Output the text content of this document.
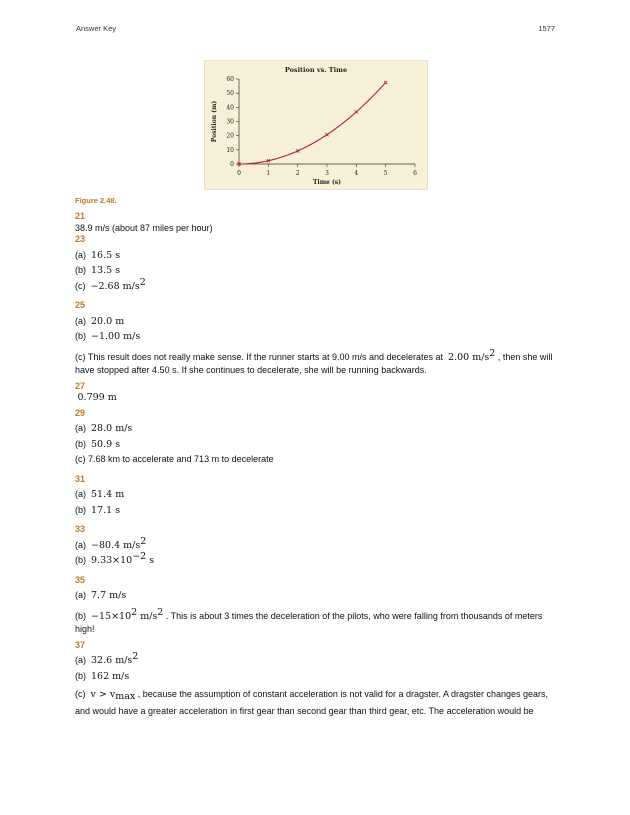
Answer Key	1577
Position vs. Time
0	1	2	3	4	5	6
0
10
20
30
40
50
60
Time (s)
Position (m)
Figure 2.48.
21
38.9 m/s (about 87 miles per hour)
23
(a) 16.5 s
(b) 13.5 s
(c) −2.68 $m/s^2$
25
(a) 20.0 m
(b) −1.00 m/s

(c) This result does not really make sense. If the runner starts at 9.00 m/s and decelerates at 2.00 $m/s^2$ , then she will have stopped after 4.50 s. If she continues to decelerate, she will be running backwards.

27
0.799 m
29
(a) 28.0 m/s
(b) 50.9 s
(c) 7.68 km to accelerate and 713 m to decelerate
31
(a) 51.4 m
(b) 17.1 s
33
(a) −80.4 $m/s^2$
(b) $9.33\times 10^{-2}$ s
35
(a) 7.7 m/s

$(b) -15\times 10^2$ $m/s^2$ . This is about 3 times the deceleration of the pilots, who were falling from thousands of meters high!

37
(a) 32.6 $m/s^2$
(b) 162 m/s

(c) $v > v_{max}$ , because the assumption of constant acceleration is not valid for a dragster. A dragster changes gears, and would have a greater acceleration in first gear than second gear than third gear, etc. The acceleration would be
